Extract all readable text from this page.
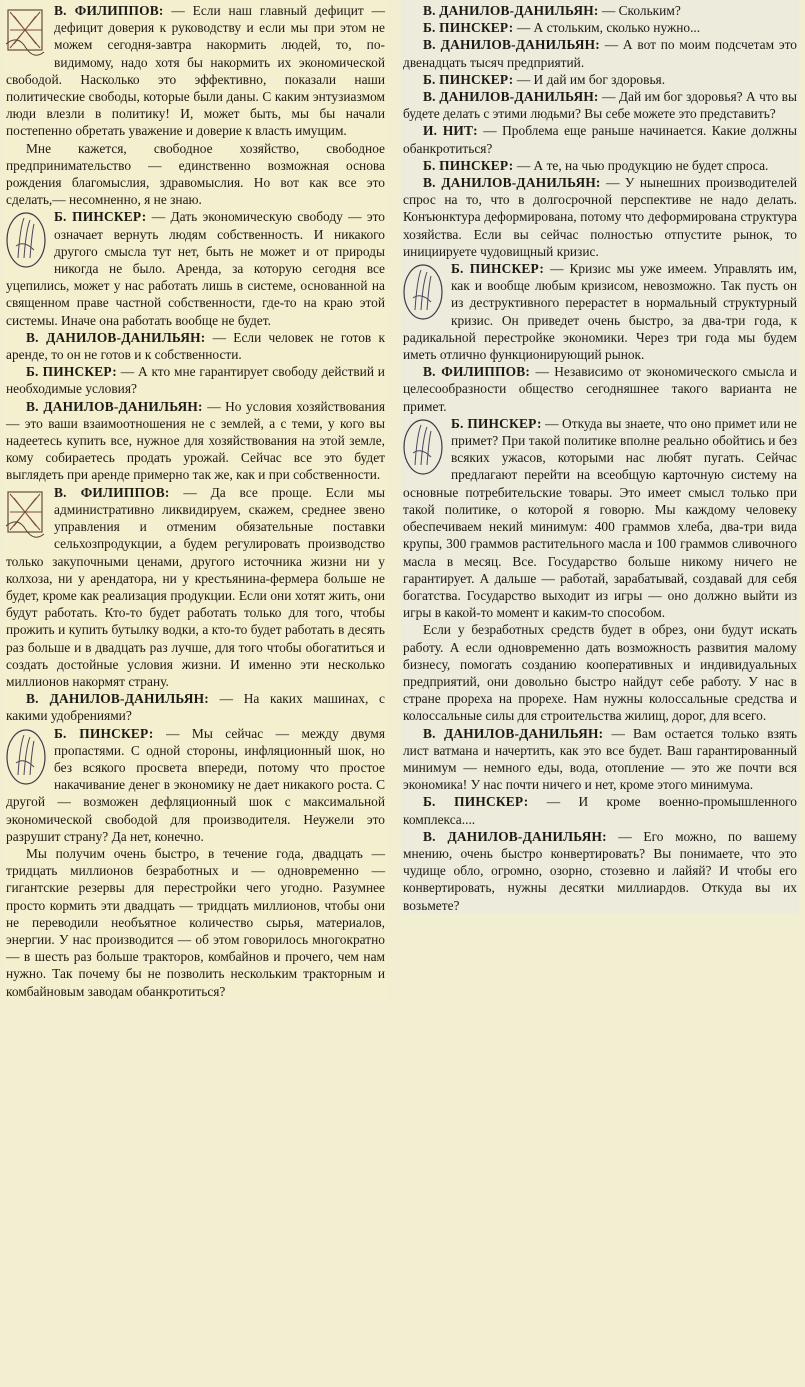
В. ФИЛИППОВ: — Если наш главный дефицит — дефицит доверия к руководству и если мы при этом не можем сегодня-завтра накормить людей, то, по-видимому, надо хотя бы накормить их экономической свободой. Насколько это эффективно, показали наши политические свободы, которые были даны. С каким энтузиазмом люди влезли в политику! И, может быть, мы бы начали постепенно обретать уважение и доверие к власть имущим.

Мне кажется, свободное хозяйство, свободное предпринимательство — единственно возможная основа рождения благомыслия, здравомыслия. Но вот как все это сделать,— несомненно, я не знаю.

Б. ПИНСКЕР: — Дать экономическую свободу — это означает вернуть людям собственность. И никакого другого смысла тут нет, быть не может и от природы никогда не было. Аренда, за которую сегодня все уцепились, может у нас работать лишь в системе, основанной на священном праве частной собственности, где-то на краю этой системы. Иначе она работать вообще не будет.

В. ДАНИЛОВ-ДАНИЛЬЯН: — Если человек не готов к аренде, то он не готов и к собственности.

Б. ПИНСКЕР: — А кто мне гарантирует свободу действий и необходимые условия?

В. ДАНИЛОВ-ДАНИЛЬЯН: — Но условия хозяйствования — это ваши взаимоотношения не с землей, а с теми, у кого вы надеетесь купить все, нужное для хозяйствования на этой земле, кому собираетесь продать урожай. Сейчас все это будет выглядеть при аренде примерно так же, как и при собственности.

В. ФИЛИППОВ: — Да все проще. Если мы административно ликвидируем, скажем, среднее звено управления и отменим обязательные поставки сельхозпродукции, а будем регулировать производство только закупочными ценами, другого источника жизни ни у колхоза, ни у арендатора, ни у крестьянина-фермера больше не будет, кроме как реализация продукции. Если они хотят жить, они будут работать. Кто-то будет работать только для того, чтобы прожить и купить бутылку водки, а кто-то будет работать в десять раз больше и в двадцать раз лучше, для того чтобы обогатиться и создать достойные условия жизни. И именно эти несколько миллионов накормят страну.

В. ДАНИЛОВ-ДАНИЛЬЯН: — На каких машинах, с какими удобрениями?

Б. ПИНСКЕР: — Мы сейчас — между двумя пропастями. С одной стороны, инфляционный шок, но без всякого просвета впереди, потому что простое накачивание денег в экономику не дает никакого роста. С другой — возможен дефляционный шок с максимальной экономической свободой для производителя. Неужели это разрушит страну? Да нет, конечно.

Мы получим очень быстро, в течение года, двадцать — тридцать миллионов безработных и — одновременно — гигантские резервы для перестройки чего угодно. Разумнее просто кормить эти двадцать — тридцать миллионов, чтобы они не переводили необъятное количество сырья, материалов, энергии. У нас производится — об этом говорилось многократно — в шесть раз больше тракторов, комбайнов и прочего, чем нам нужно. Так почему бы не позволить нескольким тракторным и комбайновым заводам обанкротиться?

В. ДАНИЛОВ-ДАНИЛЬЯН: — Скольким?

Б. ПИНСКЕР: — А стольким, сколько нужно...

В. ДАНИЛОВ-ДАНИЛЬЯН: — А вот по моим подсчетам это двенадцать тысяч предприятий.

Б. ПИНСКЕР: — И дай им бог здоровья.

В. ДАНИЛОВ-ДАНИЛЬЯН: — Дай им бог здоровья? А что вы будете делать с этими людьми? Вы себе можете это представить?

И. НИТ: — Проблема еще раньше начинается. Какие должны обанкротиться?

Б. ПИНСКЕР: — А те, на чью продукцию не будет спроса.

В. ДАНИЛОВ-ДАНИЛЬЯН: — У нынешних производителей спрос на то, что в долгосрочной перспективе не надо делать. Конъюнктура деформирована, потому что деформирована структура хозяйства. Если вы сейчас полностью отпустите рынок, то инициируете чудовищный кризис.

Б. ПИНСКЕР: — Кризис мы уже имеем. Управлять им, как и вообще любым кризисом, невозможно. Так пусть он из деструктивного перерастет в нормальный структурный кризис. Он приведет очень быстро, за два-три года, к радикальной перестройке экономики. Через три года мы будем иметь отлично функционирующий рынок.

В. ФИЛИППОВ: — Независимо от экономического смысла и целесообразности общество сегодняшнее такого варианта не примет.

Б. ПИНСКЕР: — Откуда вы знаете, что оно примет или не примет? При такой политике вполне реально обойтись и без всяких ужасов, которыми нас любят пугать. Сейчас предлагают перейти на всеобщую карточную систему на основные потребительские товары. Это имеет смысл только при такой политике, о которой я говорю. Мы каждому человеку обеспечиваем некий минимум: 400 граммов хлеба, два-три вида крупы, 300 граммов растительного масла и 100 граммов сливочного масла в месяц. Все. Государство больше никому ничего не гарантирует. А дальше — работай, зарабатывай, создавай для себя богатства. Государство выходит из игры — оно должно выйти из игры в какой-то момент и каким-то способом.

Если у безработных средств будет в обрез, они будут искать работу. А если одновременно дать возможность развития малому бизнесу, помогать созданию кооперативных и индивидуальных предприятий, они довольно быстро найдут себе работу. У нас в стране прореха на прорехе. Нам нужны колоссальные средства и колоссальные силы для строительства жилищ, дорог, для всего.

В. ДАНИЛОВ-ДАНИЛЬЯН: — Вам остается только взять лист ватмана и начертить, как это все будет. Ваш гарантированный минимум — немного еды, вода, отопление — это же почти вся экономика! У нас почти ничего и нет, кроме этого минимума.

Б. ПИНСКЕР: — И кроме военно-промышленного комплекса....

В. ДАНИЛОВ-ДАНИЛЬЯН: — Его можно, по вашему мнению, очень быстро конвертировать? Вы понимаете, что это чудище обло, огромно, озорно, стозевно и лайяй? И чтобы его конвертировать, нужны десятки миллиардов. Откуда вы их возьмете?
